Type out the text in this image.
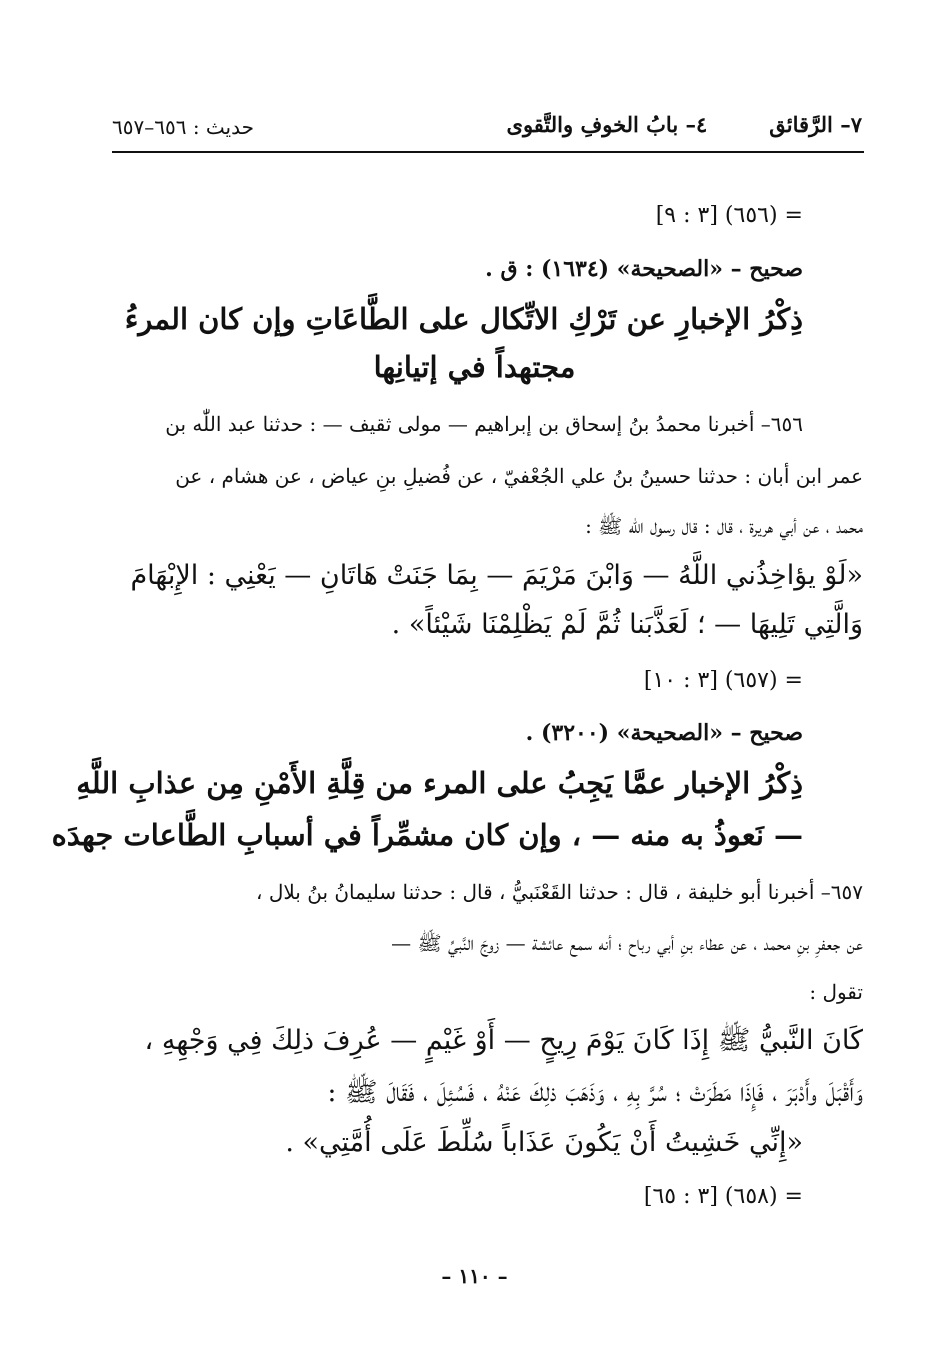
٧– الرَّقائق٤– بابُ الخوفِ والتَّقوى
حديث : ٦٥٦–٦٥٧
= (٦٥٦) [٣ : ٩]
صحيح – «الصحيحة» (١٦٣٤) : ق .
ذِكْرُ الإخبارِ عن تَرْكِ الاتِّكال على الطَّاعَاتِ وإن كان المرءُ
مجتهداً في إتيانِها
٦٥٦– أخبرنا محمدُ بنُ إسحاق بن إبراهيم — مولى ثقيف — : حدثنا عبد اللّٰه بن
عمر ابن أبان : حدثنا حسينُ بنُ علي الجُعْفيّ ، عن فُضيلِ بنِ عياض ، عن هشام ، عن
محمد ، عن أبي هريرة ، قال : قال رسول اللّٰه ﷺ :
«لَوْ يؤاخِذُني اللَّهُ — وَابْنَ مَرْيَمَ — بِمَا جَنَتْ هَاتَانِ — يَعْنِي : الإِبْهَامَ
وَالَّتِي تَلِيهَا — ؛ لَعَذَّبَنا ثُمَّ لَمْ يَظْلِمْنَا شَيْئاً» .
= (٦٥٧) [٣ : ١٠]
صحيح – «الصحيحة» (٣٢٠٠) .
ذِكْرُ الإخبار عمَّا يَجِبُ على المرء من قِلَّةِ الأَمْنِ مِن عذابِ اللَّهِ
— نَعوذُ به منه — ، وإن كان مشمِّراً في أسبابِ الطَّاعات جهدَه
٦٥٧– أخبرنا أبو خليفة ، قال : حدثنا القَعْنَبيُّ ، قال : حدثنا سليمانُ بنُ بلال ،
عن جعفرِ بنِ محمد ، عن عطاء بنِ أبي رباح ؛ أنه سمع عائشة — زوجَ النَّبيِّ ﷺ —
تقول :
كَانَ النَّبيُّ ﷺ إِذَا كَانَ يَوْمَ رِيحٍ — أَوْ غَيْمٍ — عُرِفَ ذلِكَ فِي وَجْهِهِ ،
وَأَقْبَلَ وأَدْبَرَ ، فَإِذَا مَطَرَتْ ؛ سُرَّ بِهِ ، وَذَهَبَ ذلِكَ عَنْهُ ، فَسُئِلَ ، فَقَالَ ﷺ :
«إِنِّي خَشِيتُ أَنْ يَكُونَ عَذَاباً سُلِّطَ عَلَى أُمَّتِي» .
= (٦٥٨) [٣ : ٦٥]
– ١١٠ –
